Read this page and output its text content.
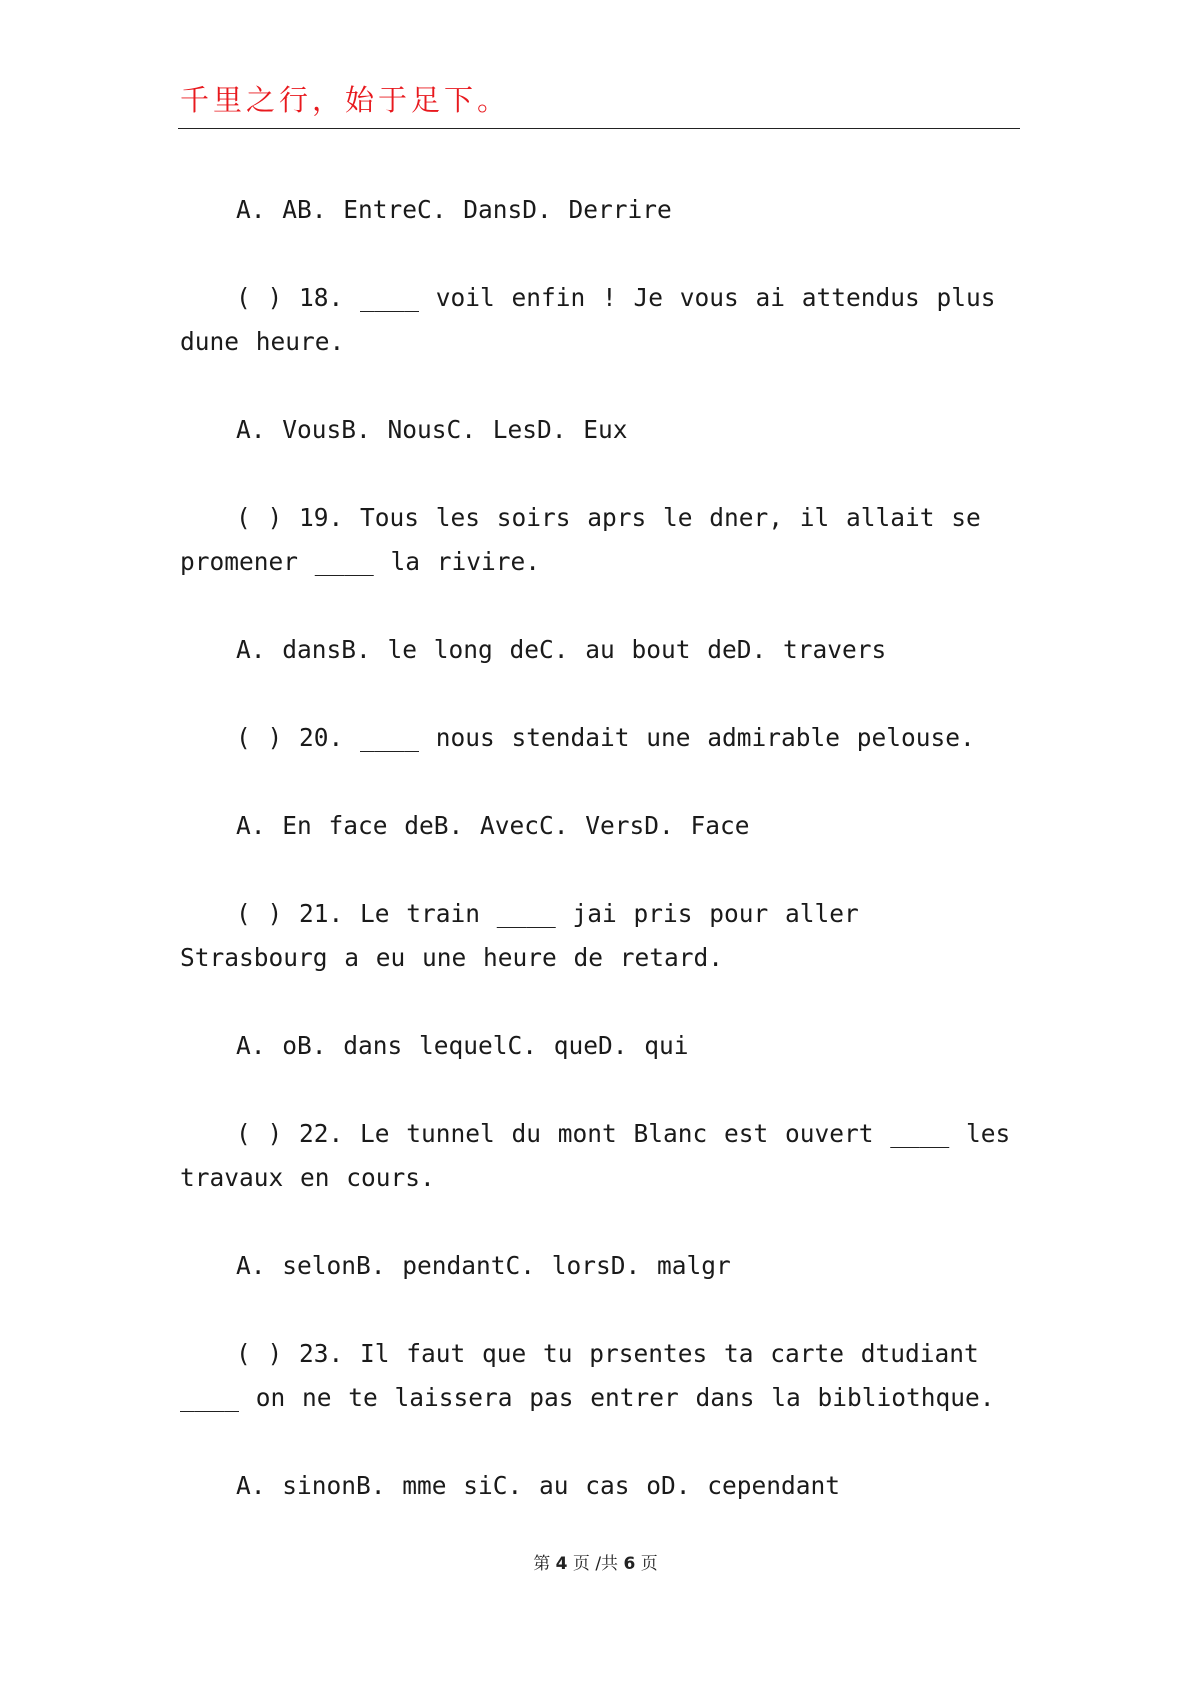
千里之行，始于足下。

A. AB. EntreC. DansD. Derrire

( ) 18. ____ voil enfin ! Je vous ai attendus plus dune heure.

A. VousB. NousC. LesD. Eux

( ) 19. Tous les soirs aprs le dner, il allait se promener ____ la rivire.

A. dansB. le long deC. au bout deD. travers

( ) 20. ____ nous stendait une admirable pelouse.

A. En face deB. AvecC. VersD. Face

( ) 21. Le train ____ jai pris pour aller Strasbourg a eu une heure de retard.

A. oB. dans lequelC. queD. qui

( ) 22. Le tunnel du mont Blanc est ouvert ____ les travaux en cours.

A. selonB. pendantC. lorsD. malgr

( ) 23. Il faut que tu prsentes ta carte dtudiant ____ on ne te laissera pas entrer dans la bibliothque.

A. sinonB. mme siC. au cas oD. cependant

第 4 页 /共 6 页
